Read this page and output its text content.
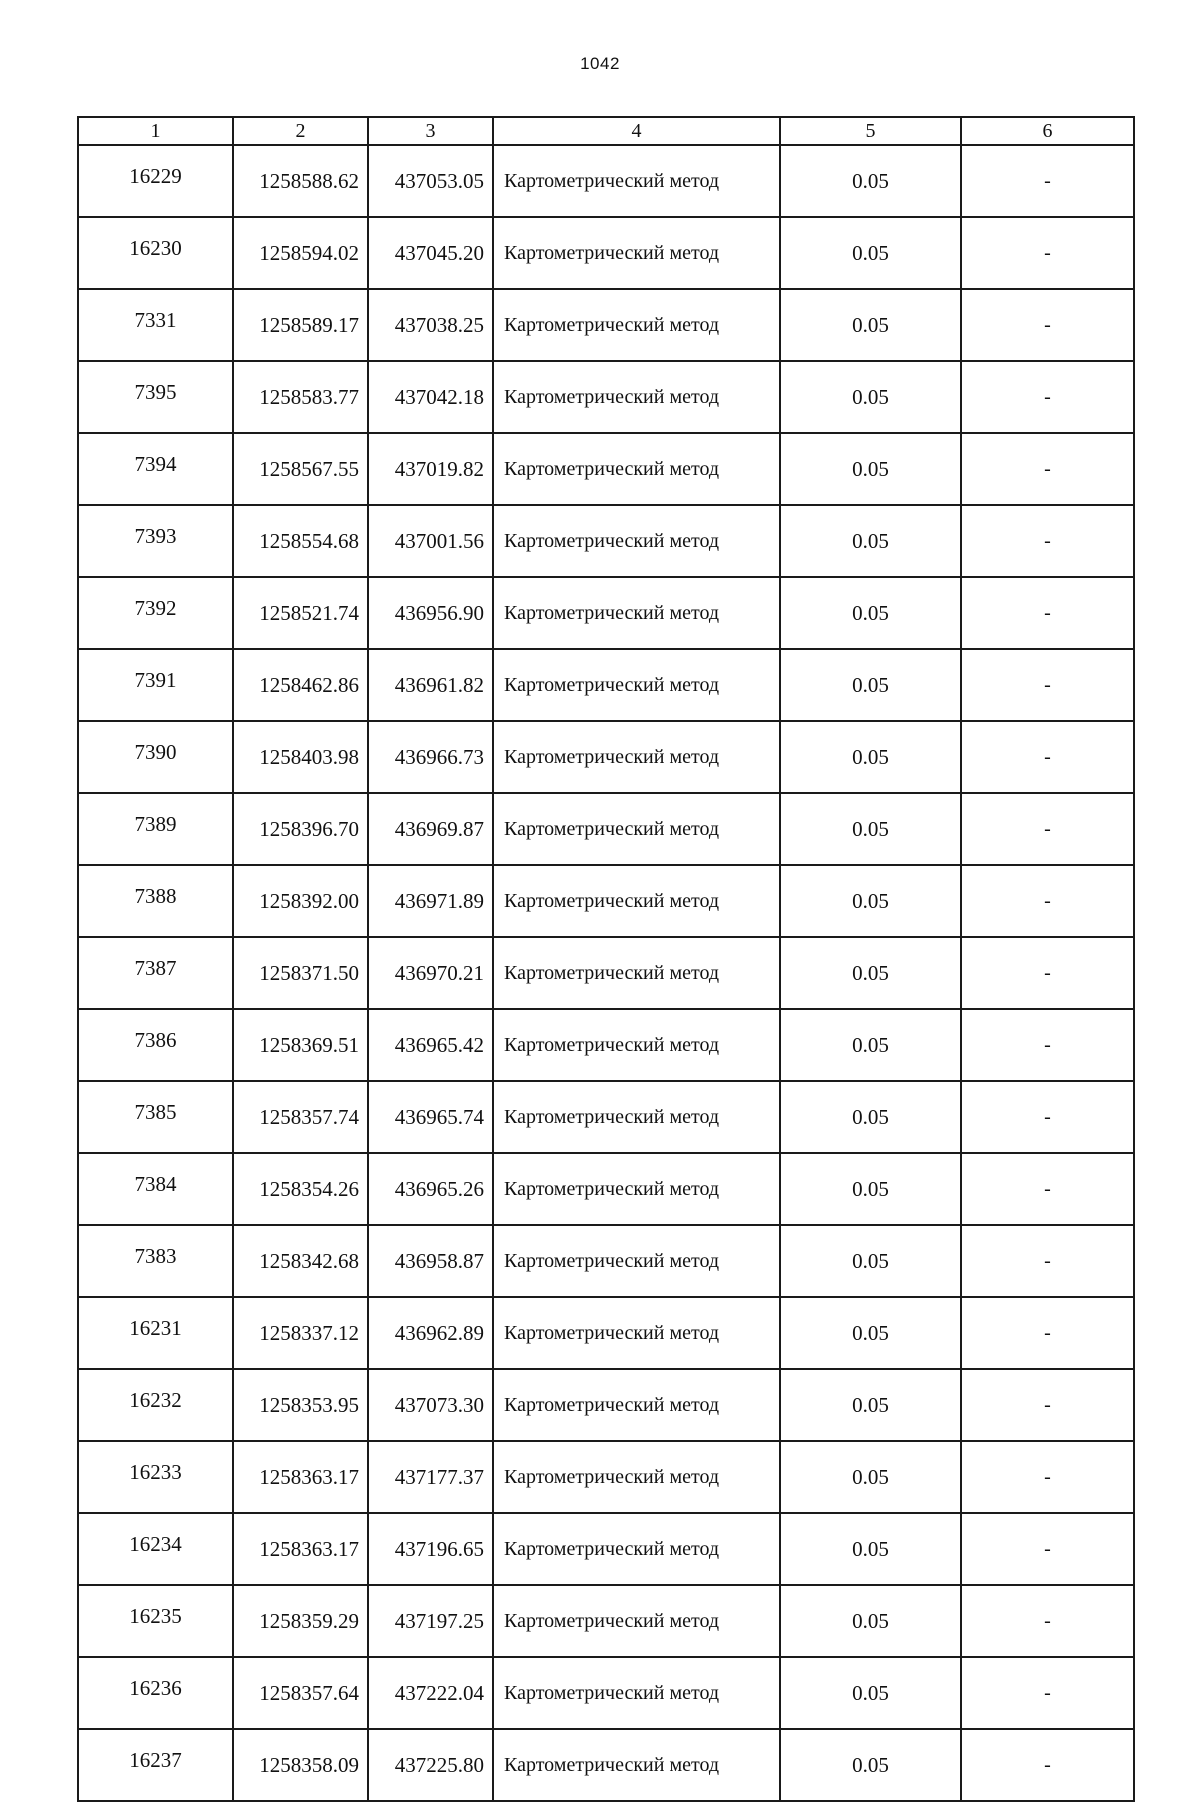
1042
1	2	3	4	5	6
16229	1258588.62	437053.05	Картометрический метод	0.05	-
16230	1258594.02	437045.20	Картометрический метод	0.05	-
7331	1258589.17	437038.25	Картометрический метод	0.05	-
7395	1258583.77	437042.18	Картометрический метод	0.05	-
7394	1258567.55	437019.82	Картометрический метод	0.05	-
7393	1258554.68	437001.56	Картометрический метод	0.05	-
7392	1258521.74	436956.90	Картометрический метод	0.05	-
7391	1258462.86	436961.82	Картометрический метод	0.05	-
7390	1258403.98	436966.73	Картометрический метод	0.05	-
7389	1258396.70	436969.87	Картометрический метод	0.05	-
7388	1258392.00	436971.89	Картометрический метод	0.05	-
7387	1258371.50	436970.21	Картометрический метод	0.05	-
7386	1258369.51	436965.42	Картометрический метод	0.05	-
7385	1258357.74	436965.74	Картометрический метод	0.05	-
7384	1258354.26	436965.26	Картометрический метод	0.05	-
7383	1258342.68	436958.87	Картометрический метод	0.05	-
16231	1258337.12	436962.89	Картометрический метод	0.05	-
16232	1258353.95	437073.30	Картометрический метод	0.05	-
16233	1258363.17	437177.37	Картометрический метод	0.05	-
16234	1258363.17	437196.65	Картометрический метод	0.05	-
16235	1258359.29	437197.25	Картометрический метод	0.05	-
16236	1258357.64	437222.04	Картометрический метод	0.05	-
16237	1258358.09	437225.80	Картометрический метод	0.05	-
